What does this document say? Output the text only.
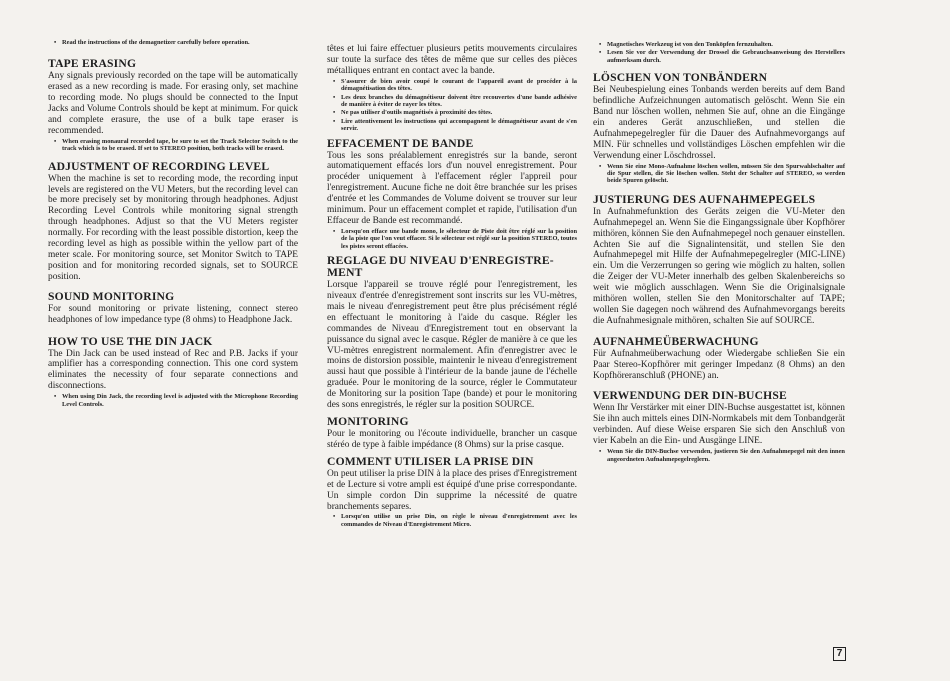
• Read the instructions of the demagnetizer carefully before operation.
TAPE ERASING

Any signals previously recorded on the tape will be automatically erased as a new recording is made. For erasing only, set machine to recording mode. No plugs should be connected to the Input Jacks and Volume Controls should be kept at minimum. For quick and complete erasure, the use of a bulk tape eraser is recommended.

• When erasing monaural recorded tape, be sure to set the Track Selector Switch to the track which is to be erased. If set to STEREO position, both tracks will be erased.
ADJUSTMENT OF RECORDING LEVEL

When the machine is set to recording mode, the recording input levels are registered on the VU Meters, but the recording level can be more precisely set by monitoring through headphones. Adjust Recording Level Controls while monitoring signal strength through headphones. Adjust so that the VU Meters register normally. For recording with the least possible distortion, keep the recording level as high as possible within the yellow part of the meter scale. For monitoring source, set Monitor Switch to TAPE position and for monitoring recorded signals, set to SOURCE position.

SOUND MONITORING

For sound monitoring or private listening, connect stereo headphones of low impedance type (8 ohms) to Headphone Jack.

HOW TO USE THE DIN JACK

The Din Jack can be used instead of Rec and P.B. Jacks if your amplifier has a corresponding connection. This one cord system eliminates the necessity of four separate connections and disconnections.

• When using Din Jack, the recording level is adjusted with the Microphone Recording Level Controls.

têtes et lui faire effectuer plusieurs petits mouvements circulaires sur toute la surface des têtes de même que sur celles des pièces métalliques entrant en contact avec la bande.

• S'assurer de bien avoir coupé le courant de l'appareil avant de procéder à la démagnétisation des têtes.
• Les deux branches du démagnétiseur doivent être recouvertes d'une bande adhésive de manière à éviter de rayer les têtes.
• Ne pas utiliser d'outils magnétisés à proximité des têtes.
• Lire attentivement les instructions qui accompagnent le démagnétiseur avant de s'en servir.
EFFACEMENT DE BANDE

Tous les sons préalablement enregistrés sur la bande, seront automatiquement effacés lors d'un nouvel enregistrement. Pour procéder uniquement à l'effacement régler l'appreil pour l'enregistrement. Aucune fiche ne doit être branchée sur les prises d'entrée et les Commandes de Volume doivent se trouver sur leur minimum. Pour un effacement complet et rapide, l'utilisation d'un Effaceur de Bande est recommandé.

• Lorsqu'on efface une bande mono, le sélecteur de Piste doit être réglé sur la position de la piste que l'on veut effacer. Si le sélecteur est réglé sur la position STEREO, toutes les pistes seront effacées.
REGLAGE DU NIVEAU D'ENREGISTRE-MENT

Lorsque l'appareil se trouve réglé pour l'enregistrement, les niveaux d'entrée d'enregistrement sont inscrits sur les VU-mètres, mais le niveau d'enregistrement peut être plus précisément réglé en effectuant le monitoring à l'aide du casque. Régler les commandes de Niveau d'Enregistrement tout en observant la puissance du signal avec le casque. Régler de manière à ce que les VU-mètres enregistrent normalement. Afin d'enregistrer avec le moins de distorsion possible, maintenir le niveau d'enregistrement aussi haut que possible à l'intérieur de la bande jaune de l'échelle graduée. Pour le monitoring de la source, régler le Commutateur de Monitoring sur la position Tape (bande) et pour le monitoring des sons enregistrés, le régler sur la position SOURCE.

MONITORING

Pour le monitoring ou l'écoute individuelle, brancher un casque stéréo de type à faible impédance (8 Ohms) sur la prise casque.

COMMENT UTILISER LA PRISE DIN

On peut utiliser la prise DIN à la place des prises d'Enregistrement et de Lecture si votre ampli est équipé d'une prise correspondante. Un simple cordon Din supprime la nécessité de quatre branchements separes.

• Lorsqu'on utilise un prise Din, on règle le niveau d'enregistrement avec les commandes de Niveau d'Enregistrement Micro.
• Magnetisches Werkzeug ist von den Tonköpfen fernzuhalten.
• Lesen Sie vor der Verwendung der Drossel die Gebrauchsanweisung des Herstellers aufmerksam durch.
LÖSCHEN VON TONBÄNDERN

Bei Neubespielung eines Tonbands werden bereits auf dem Band befindliche Aufzeichnungen automatisch gelöscht. Wenn Sie ein Band nur löschen wollen, nehmen Sie auf, ohne an die Eingänge ein anderes Gerät anzuschließen, und stellen die Aufnahmepegelregler für die Dauer des Aufnahmevorgangs auf MIN. Für schnelles und vollständiges Löschen empfehlen wir die Verwendung einer Löschdrossel.

• Wenn Sie eine Mono-Aufnahme löschen wollen, müssen Sie den Spurwahlschalter auf die Spur stellen, die Sie löschen wollen. Steht der Schalter auf STEREO, so werden beide Spuren gelöscht.
JUSTIERUNG DES AUFNAHMEPEGELS

In Aufnahmefunktion des Geräts zeigen die VU-Meter den Aufnahmepegel an. Wenn Sie die Eingangssignale über Kopfhörer mithören, können Sie den Aufnahmepegel noch genauer einstellen. Achten Sie auf die Signalintensität, und stellen Sie den Aufnahmepegel mit Hilfe der Aufnahmepegelregler (MIC-LINE) ein. Um die Verzerrungen so gering wie möglich zu halten, sollen die Zeiger der VU-Meter innerhalb des gelben Skalenbereichs so weit wie möglich ausschlagen. Wenn Sie die Originalsignale mithören wollen, stellen Sie den Monitorschalter auf TAPE; wollen Sie dagegen noch während des Aufnahmevorgangs bereits die Aufnahmesignale mithören, schalten Sie auf SOURCE.

AUFNAHMEÜBERWACHUNG

Für Aufnahmeüberwachung oder Wiedergabe schließen Sie ein Paar Stereo-Kopfhörer mit geringer Impedanz (8 Ohms) an den Kopfhöreranschluß (PHONE) an.

VERWENDUNG DER DIN-BUCHSE

Wenn Ihr Verstärker mit einer DIN-Buchse ausgestattet ist, können Sie ihn auch mittels eines DIN-Normkabels mit dem Tonbandgerät verbinden. Auf diese Weise ersparen Sie sich den Anschluß von vier Kabeln an die Ein- und Ausgänge LINE.

• Wenn Sie die DIN-Buchse verwenden, justieren Sie den Aufnahmepegel mit den innen angeordneten Aufnahmepegelreglern.
7
